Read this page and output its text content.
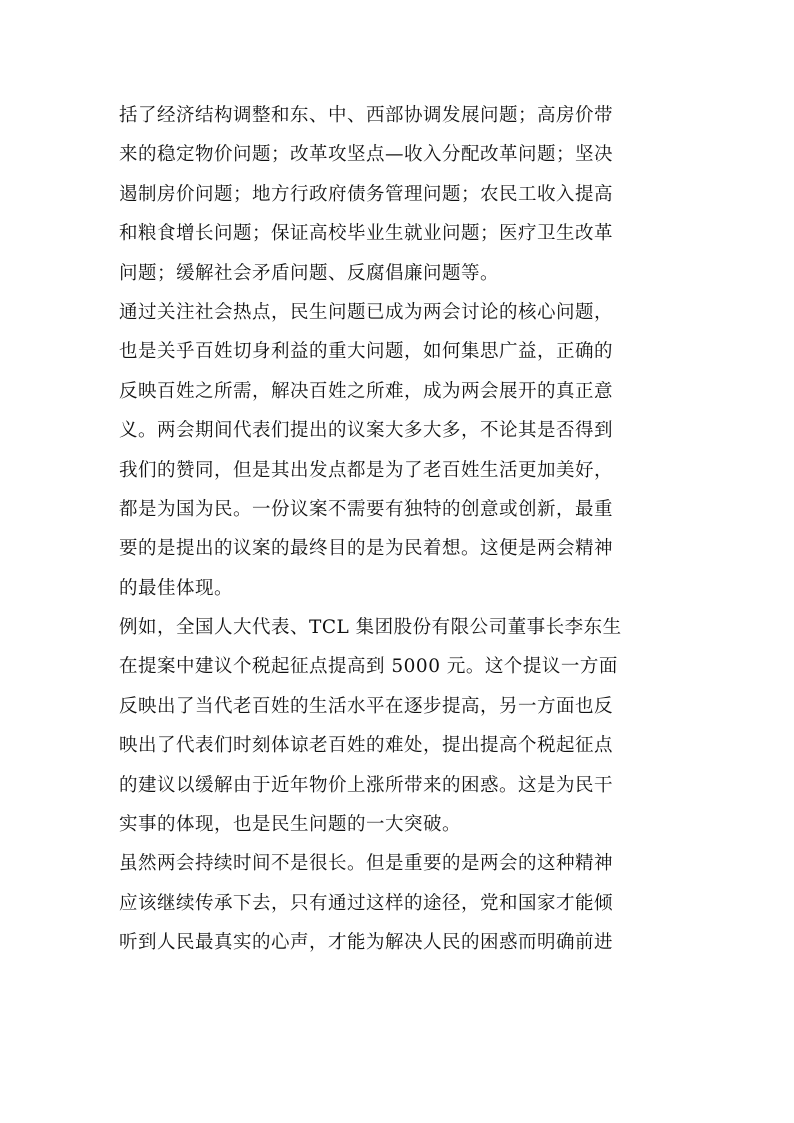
括了经济结构调整和东、中、西部协调发展问题；高房价带
来的稳定物价问题；改革攻坚点—收入分配改革问题；坚决
遏制房价问题；地方行政府债务管理问题；农民工收入提高
和粮食增长问题；保证高校毕业生就业问题；医疗卫生改革
问题；缓解社会矛盾问题、反腐倡廉问题等。
通过关注社会热点，民生问题已成为两会讨论的核心问题，
也是关乎百姓切身利益的重大问题，如何集思广益，正确的
反映百姓之所需，解决百姓之所难，成为两会展开的真正意
义。两会期间代表们提出的议案大多大多，不论其是否得到
我们的赞同，但是其出发点都是为了老百姓生活更加美好，
都是为国为民。一份议案不需要有独特的创意或创新，最重
要的是提出的议案的最终目的是为民着想。这便是两会精神
的最佳体现。
例如，全国人大代表、TCL 集团股份有限公司董事长李东生
在提案中建议个税起征点提高到 5000 元。这个提议一方面
反映出了当代老百姓的生活水平在逐步提高，另一方面也反
映出了代表们时刻体谅老百姓的难处，提出提高个税起征点
的建议以缓解由于近年物价上涨所带来的困惑。这是为民干
实事的体现，也是民生问题的一大突破。
虽然两会持续时间不是很长。但是重要的是两会的这种精神
应该继续传承下去，只有通过这样的途径，党和国家才能倾
听到人民最真实的心声，才能为解决人民的困惑而明确前进
